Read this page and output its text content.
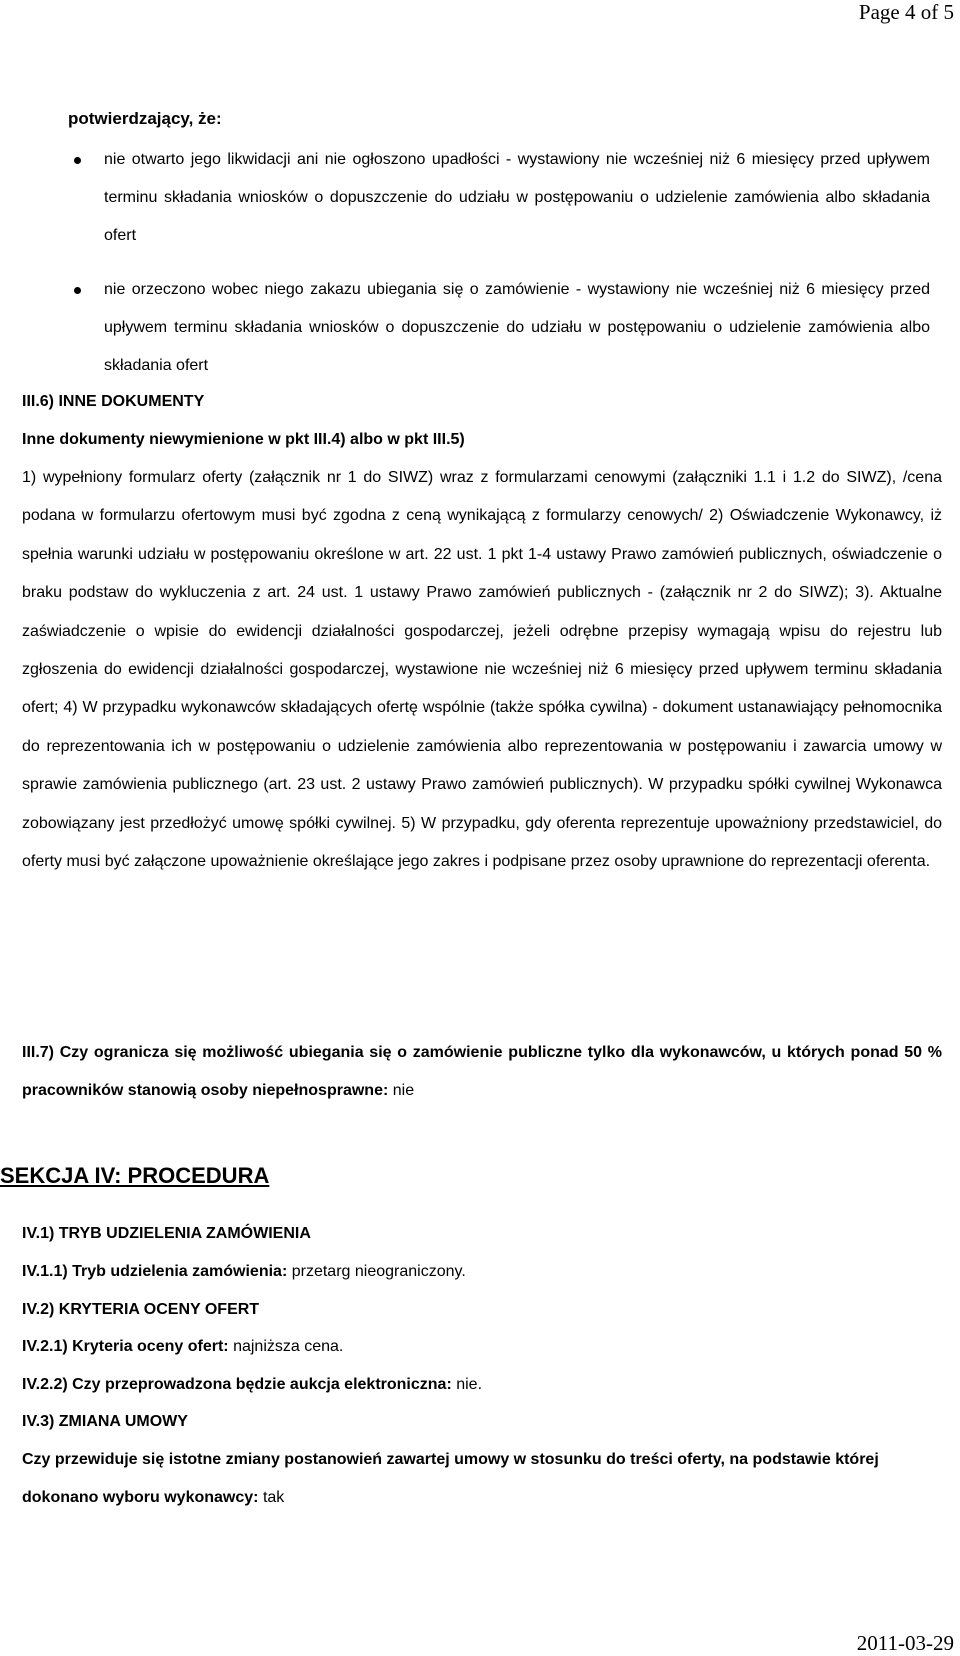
Page 4 of 5
potwierdzający, że:
nie otwarto jego likwidacji ani nie ogłoszono upadłości - wystawiony nie wcześniej niż 6 miesięcy przed upływem terminu składania wniosków o dopuszczenie do udziału w postępowaniu o udzielenie zamówienia albo składania ofert
nie orzeczono wobec niego zakazu ubiegania się o zamówienie - wystawiony nie wcześniej niż 6 miesięcy przed upływem terminu składania wniosków o dopuszczenie do udziału w postępowaniu o udzielenie zamówienia albo składania ofert
III.6) INNE DOKUMENTY
Inne dokumenty niewymienione w pkt III.4) albo w pkt III.5)
1) wypełniony formularz oferty (załącznik nr 1 do SIWZ) wraz z formularzami cenowymi (załączniki 1.1 i 1.2 do SIWZ), /cena podana w formularzu ofertowym musi być zgodna z ceną wynikającą z formularzy cenowych/ 2) Oświadczenie Wykonawcy, iż spełnia warunki udziału w postępowaniu określone w art. 22 ust. 1 pkt 1-4 ustawy Prawo zamówień publicznych, oświadczenie o braku podstaw do wykluczenia z art. 24 ust. 1 ustawy Prawo zamówień publicznych - (załącznik nr 2 do SIWZ); 3). Aktualne zaświadczenie o wpisie do ewidencji działalności gospodarczej, jeżeli odrębne przepisy wymagają wpisu do rejestru lub zgłoszenia do ewidencji działalności gospodarczej, wystawione nie wcześniej niż 6 miesięcy przed upływem terminu składania ofert; 4) W przypadku wykonawców składających ofertę wspólnie (także spółka cywilna) - dokument ustanawiający pełnomocnika do reprezentowania ich w postępowaniu o udzielenie zamówienia albo reprezentowania w postępowaniu i zawarcia umowy w sprawie zamówienia publicznego (art. 23 ust. 2 ustawy Prawo zamówień publicznych). W przypadku spółki cywilnej Wykonawca zobowiązany jest przedłożyć umowę spółki cywilnej. 5) W przypadku, gdy oferenta reprezentuje upoważniony przedstawiciel, do oferty musi być załączone upoważnienie określające jego zakres i podpisane przez osoby uprawnione do reprezentacji oferenta.
III.7) Czy ogranicza się możliwość ubiegania się o zamówienie publiczne tylko dla wykonawców, u których ponad 50 % pracowników stanowią osoby niepełnosprawne: nie
SEKCJA IV: PROCEDURA
IV.1) TRYB UDZIELENIA ZAMÓWIENIA
IV.1.1) Tryb udzielenia zamówienia: przetarg nieograniczony.
IV.2) KRYTERIA OCENY OFERT
IV.2.1) Kryteria oceny ofert: najniższa cena.
IV.2.2) Czy przeprowadzona będzie aukcja elektroniczna: nie.
IV.3) ZMIANA UMOWY
Czy przewiduje się istotne zmiany postanowień zawartej umowy w stosunku do treści oferty, na podstawie której dokonano wyboru wykonawcy: tak
2011-03-29
